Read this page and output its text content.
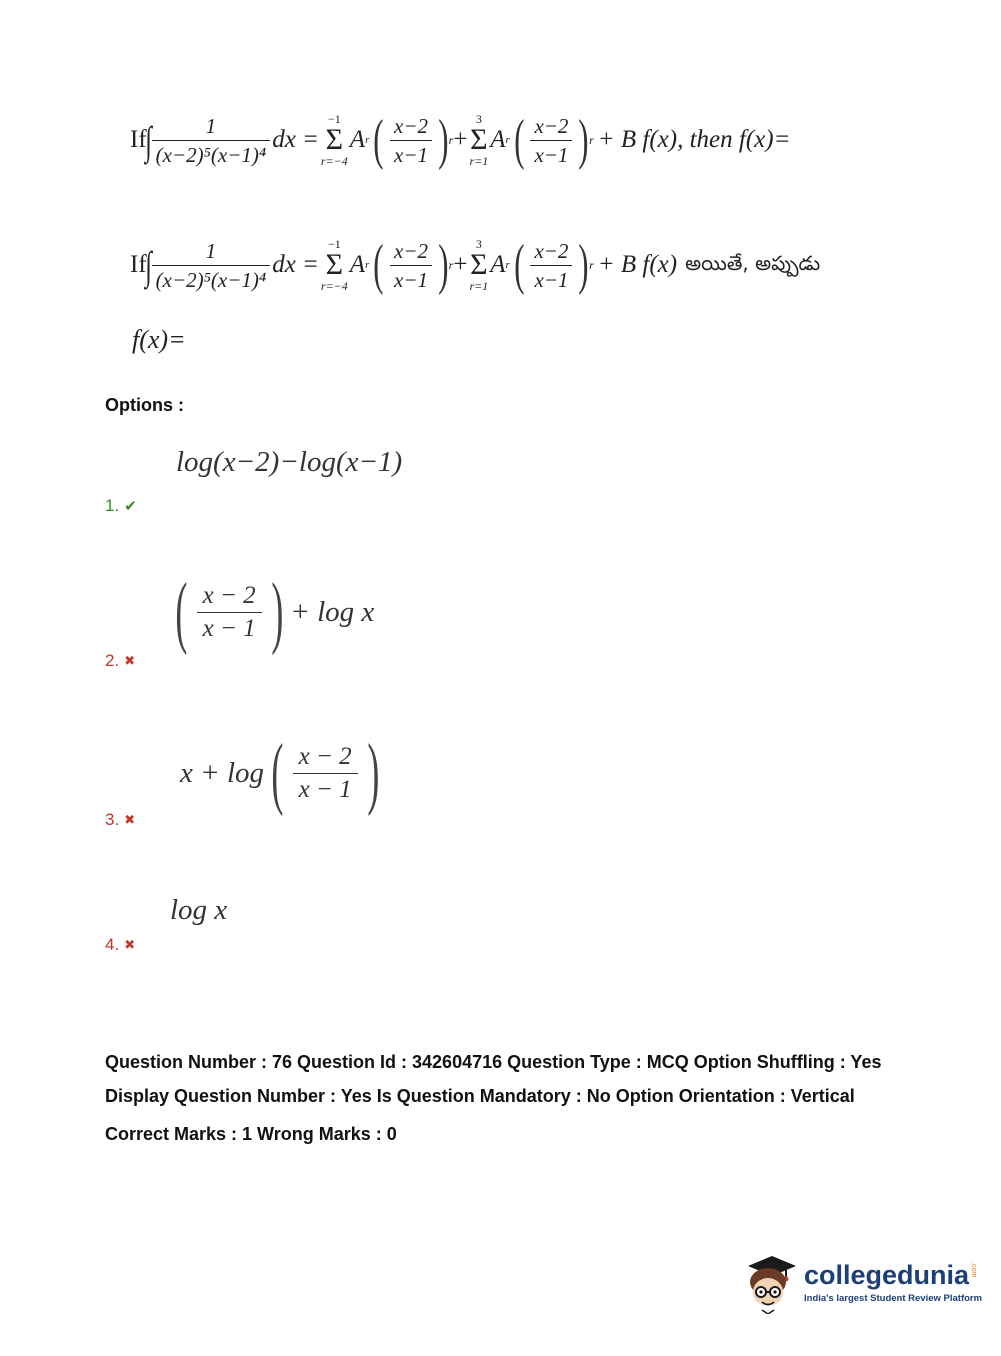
If
∫ $\frac{1}{\text{(x−2)⁵(x−1)⁴}}$ dx =
−1
Σ
r=−4
A r ( $\frac{x-2}{x-1}$ ) r +
3
Σ
r=1
A r ( $\frac{x-2}{x-1}$ ) r + B f(x) , then f(x)=
If
∫ $\frac{1}{\text{(x−2)⁵(x−1)⁴}}$ dx =
−1
Σ
r=−4
A r ( $\frac{x-2}{x-1}$ ) r +
3
Σ
r=1
A r ( $\frac{x-2}{x-1}$ ) r + B f(x) అయితే, అప్పుడు
f(x)=
Options :
log(x−2)−log(x−1)
1. ✔
( x − 2
x − 1 ) + log x
2. ✖
x + log ( x − 2
x − 1 )
3. ✖
log x
4. ✖
Question Number : 76 Question Id : 342604716 Question Type : MCQ Option Shuffling : Yes
Display Question Number : Yes Is Question Mandatory : No Option Orientation : Vertical
Correct Marks : 1 Wrong Marks : 0
collegedunia .com
India's largest Student Review Platform
